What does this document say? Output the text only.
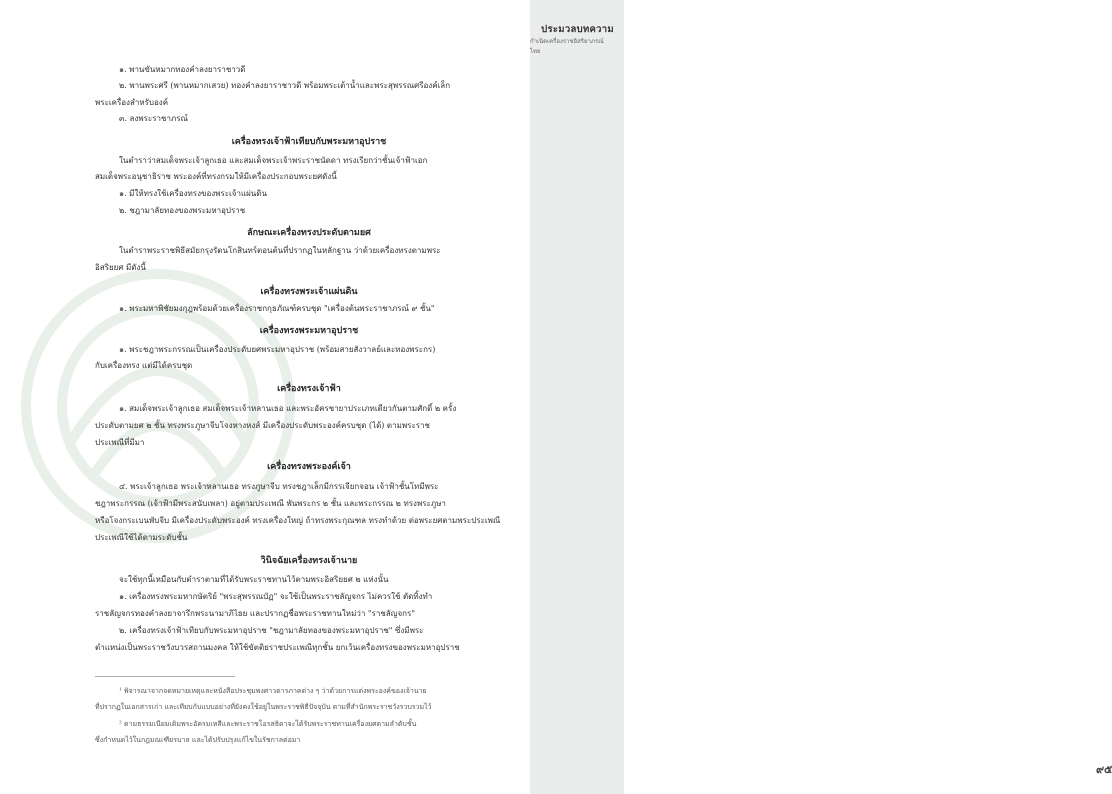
ประมวลบทความ
กำเนิดเครื่องราชอิสริยาภรณ์ไทย
๙๕
๑. พานขันหมากทองคำลงยาราชาวดี
๒. พานพระศรี (พานหมากเสวย) ทองคำลงยาราชาวดี พร้อมพระเต้าน้ำและพระสุพรรณศรีองค์เล็ก
พระเครื่องสำหรับองค์
๓. ลงพระราชาภรณ์
เครื่องทรงเจ้าฟ้าเทียบกับพระมหาอุปราช
ในตำราว่าสมเด็จพระเจ้าลูกเธอ และสมเด็จพระเจ้าพระราชนัดดา ทรงเรียกว่าชั้นเจ้าฟ้าเอก
สมเด็จพระอนุชาธิราช พระองค์ที่ทรงกรมให้มีเครื่องประกอบพระยศดังนี้
๑. มีให้ทรงใช้เครื่องทรงของพระเจ้าแผ่นดิน
๒. ชฎามาลัยทองของพระมหาอุปราช
ลักษณะเครื่องทรงประดับตามยศ
ในตำราพระราชพิธีสมัยกรุงรัตนโกสินทร์ตอนต้นที่ปรากฏในหลักฐาน ว่าด้วยเครื่องทรงตามพระ
อิสริยยศ มีดังนี้
เครื่องทรงพระเจ้าแผ่นดิน
๑. พระมหาพิชัยมงกุฎพร้อมด้วยเครื่องราชกกุธภัณฑ์ครบชุด "เครื่องต้นพระราชาภรณ์ ๙ ชั้น"
เครื่องทรงพระมหาอุปราช
๑. พระชฎาพระกรรณเป็นเครื่องประดับยศพระมหาอุปราช (พร้อมสายสังวาลย์และทองพระกร)
กับเครื่องทรง แต่มีได้ครบชุด
เครื่องทรงเจ้าฟ้า
๑. สมเด็จพระเจ้าลูกเธอ สมเด็จพระเจ้าหลานเธอ และพระอัครชายาประเภทเดียวกันตามศักดิ์ ๒ ครั้ง
ประดับตามยศ ๒ ชั้น ทรงพระภูษาจีบโจงหางหงส์ มีเครื่องประดับพระองค์ครบชุด (ได้) ตามพระราช
ประเพณีที่มีมา
เครื่องทรงพระองค์เจ้า
๔. พระเจ้าลูกเธอ พระเจ้าหลานเธอ ทรงภูษาจีบ ทรงชฎาเล็กมีกรรเจียกจอน เจ้าฟ้าชั้นโทมีพระ
ชฎาพระกรรณ (เจ้าฟ้ามีพระสนับเพลา) อยู่ตามประเพณี พันพระกร ๒ ชั้น และพระกรรณ ๒ ทรงพระภูษา
หรือโจงกระเบนพับจีบ มีเครื่องประดับพระองค์ ทรงเครื่องใหญ่ ถ้าทรงพระกุณฑล ทรงทำด้วย ต่อพระยศตามพระประเพณี
ประเพณีใช้ได้ตามระดับชั้น
วินิจฉัยเครื่องทรงเจ้านาย
จะใช้ทุกนี้เหมือนกับตำราตามที่ได้รับพระราชทานไว้ตามพระอิสริยยศ ๒ แห่งนั้น
๑. เครื่องทรงพระมหากษัตริย์ "พระสุพรรณบัฏ" จะใช้เป็นพระราชลัญจกร ไม่ควรใช้ ตัดทิ้งทำ
ราชลัญจกรทองคำลงยาจารึกพระนามาภิไธย และปรากฏชื่อพระราชทานใหม่ว่า "ราชลัญจกร"
๒. เครื่องทรงเจ้าฟ้าเทียบกับพระมหาอุปราช "ชฎามาลัยทองของพระมหาอุปราช" ซึ่งมีพระ
ตำแหน่งเป็นพระราชวังบวรสถานมงคล ให้ใช้ขัตติยราชประเพณีทุกชั้น ยกเว้นเครื่องทรงของพระมหาอุปราช
¹ พิจารณาจากจดหมายเหตุและหนังสือประชุมพงศาวดารภาคต่าง ๆ ว่าด้วยการแต่งพระองค์ของเจ้านาย
ที่ปรากฏในเอกสารเก่า และเทียบกับแบบอย่างที่ยังคงใช้อยู่ในพระราชพิธีปัจจุบัน ตามที่สำนักพระราชวังรวบรวมไว้
² ตามธรรมเนียมเดิมพระอัครมเหสีและพระราชโอรสธิดาจะได้รับพระราชทานเครื่องยศตามลำดับชั้น
ซึ่งกำหนดไว้ในกฎมณเฑียรบาล และได้ปรับปรุงแก้ไขในรัชกาลต่อมา
